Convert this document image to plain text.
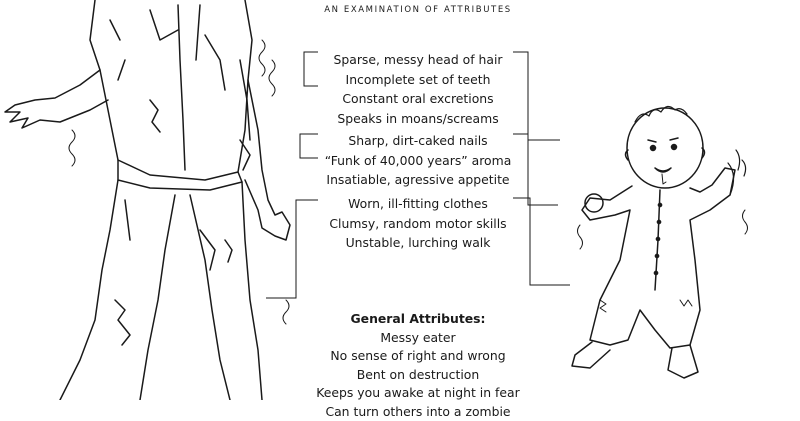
AN EXAMINATION OF ATTRIBUTES
Sparse, messy head of hair
Incomplete set of teeth
Constant oral excretions
Speaks in moans/screams
Sharp, dirt-caked nails
“Funk of 40,000 years” aroma
Insatiable, agressive appetite
Worn, ill-fitting clothes
Clumsy, random motor skills
Unstable, lurching walk
General Attributes:
Messy eater
No sense of right and wrong
Bent on destruction
Keeps you awake at night in fear
Can turn others into a zombie
